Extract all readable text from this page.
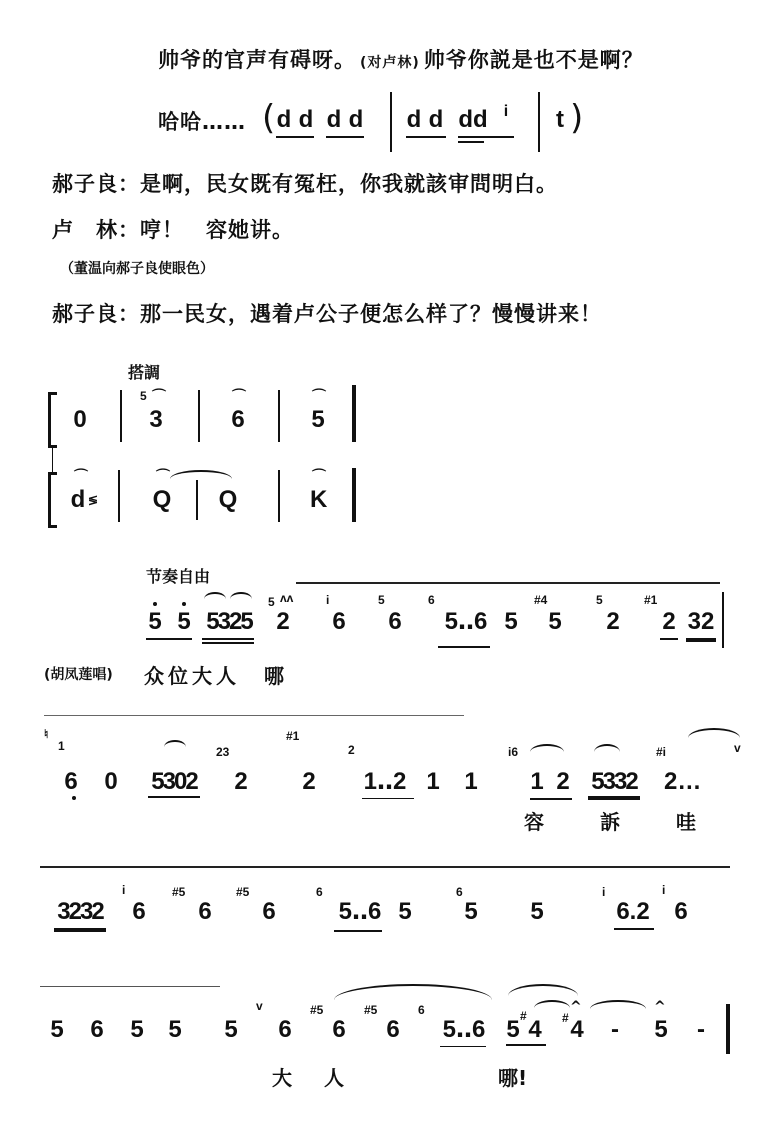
帅爷的官声有碍呀。 (对卢林) 帅爷你説是也不是啊？
哈哈…… ( d d d d d d dd i t )
郝子良：是啊，民女既有冤枉，你我就該审問明白。
卢　林：哼！　容她讲。
（董温向郝子良使眼色）
郝子良：那一民女，遇着卢公子便怎么样了？慢慢讲来！
搭調
0
5 ⌒
3
⌒
6
⌒
5
⌒
d ≶
⌒
Q Q
⌒
K
节奏自由
5 5 5325
5 ʌʌ
2
i
6
5
6
6
5‥6 5
#4
5
5
2
#1
2 32
(胡凤莲唱) 众位大人　哪
♮
1
6 0 5302
23
2
#1
2
2
1‥2 1 1
i6
1 2 5332
#i	v
2…
容	訴	哇
3232
i
6
#5
6
#5
6
6
5‥6 5
6
5 5
i
6.2
i
6
5 6 5 5 5
v
6
#5
6
#5
6
6
5‥6 5 # 4
^
# 4 -
^
5 -
大 人	哪!
